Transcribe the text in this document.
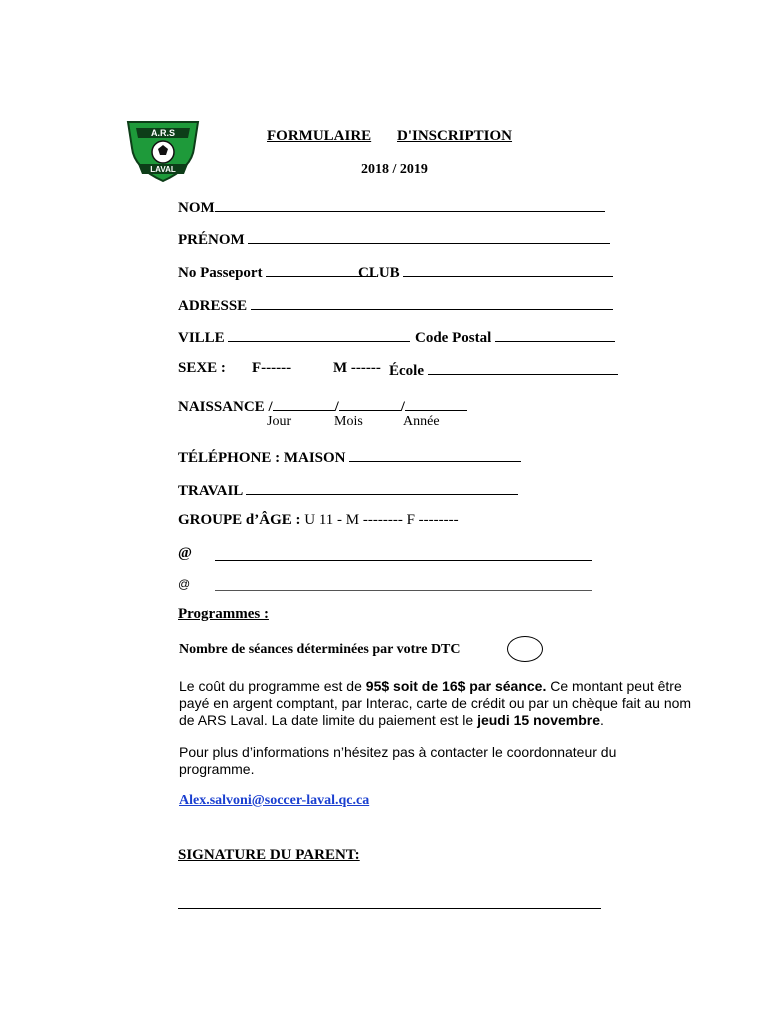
A.R.S
LAVAL
FORMULAIRE D'INSCRIPTION
2018 / 2019
NOM
PRÉNOM
No Passeport	CLUB
ADRESSE
VILLE	Code Postal
SEXE : F------	M ------ École
NAISSANCE /	/	/
Jour	Mois	Année
TÉLÉPHONE : MAISON
TRAVAIL
GROUPE d’ÂGE : U 11 - M -------- F --------
@
@
Programmes :
Nombre de séances déterminées par votre DTC
Le coût du programme est de 95$ soit de 16$ par séance. Ce montant peut être
payé en argent comptant, par Interac, carte de crédit ou par un chèque fait au nom
de ARS Laval. La date limite du paiement est le jeudi 15 novembre.
Pour plus d’informations n’hésitez pas à contacter le coordonnateur du
programme.
Alex.salvoni@soccer-laval.qc.ca
SIGNATURE DU PARENT:
